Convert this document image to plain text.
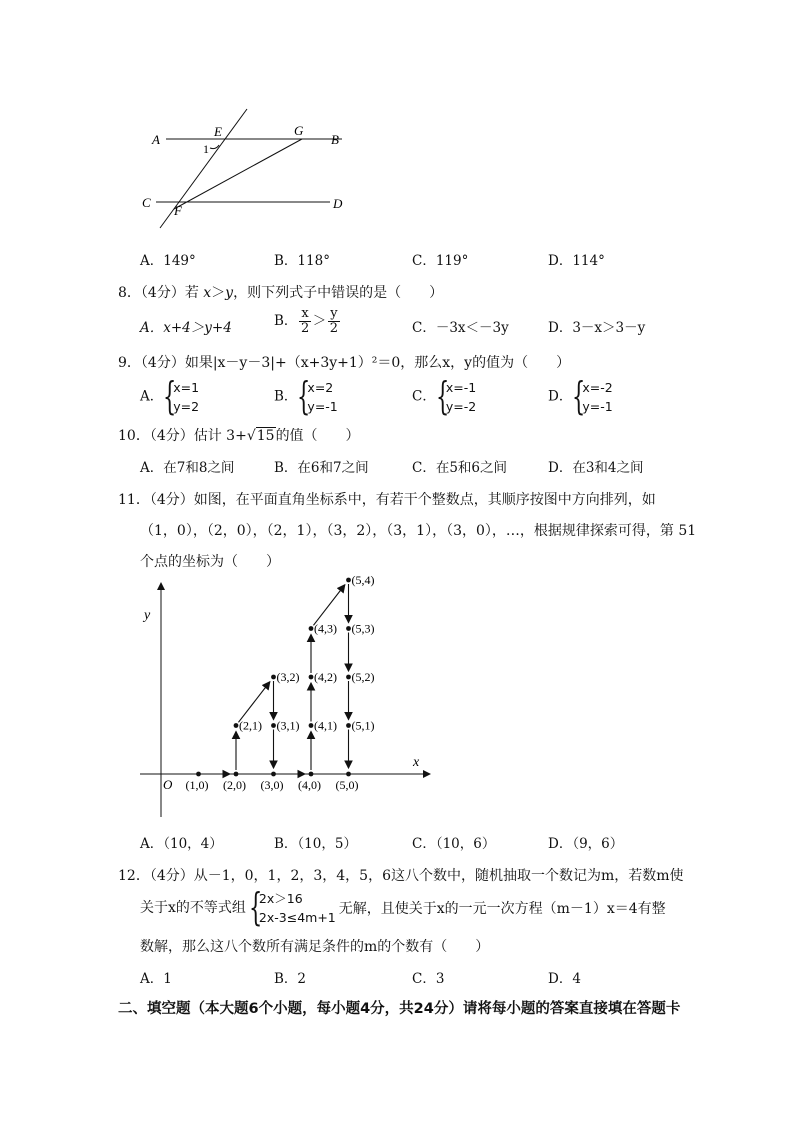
A
E
1
G
B
C
F	D
A．149°	B．118°	C．119°	D．114°
8．（4分）若 x＞y，则下列式子中错误的是（　　）
A．x+4＞y+4	B． $\frac{x}{2} > \frac{y}{2}$	C．－3x＜－3y	D．3－x＞3－y
9．（4分）如果|x－y－3|+（x+3y+1）²＝0，那么x，y的值为（　　）
A． {
x=1
y=2
B． {
x=2
y=-1
C． {
x=-1
y=-2
D． {
x=-2
y=-1
10．（4分）估计 3+√15的值（　　）
A．在7和8之间	B．在6和7之间	C．在5和6之间	D．在3和4之间
11．（4分）如图，在平面直角坐标系中，有若干个整数点，其顺序按图中方向排列，如
（1，0），（2，0），（2，1），（3，2），（3，1），（3，0），…，根据规律探索可得，第 51
个点的坐标为（　　）
y
x
O (1,0) (2,0)
(2,1)
(3,2)
(3,1)
(3,0) (4,0)
(4,1)
(4,2)
(4,3)
(5,4)
(5,3)
(5,2)
(5,1)
(5,0)
A．（10，4）	B．（10，5）	C．（10，6）	D．（9，6）
12．（4分）从－1，0，1，2，3，4，5，6这八个数中，随机抽取一个数记为m，若数m使
关于x的不等式组 {
2x＞16
2x-3≤4m+1
无解，且使关于x的一元一次方程（m－1）x＝4有整
数解，那么这八个数所有满足条件的m的个数有（　　）
A．1	B．2	C．3	D．4
二、填空题（本大题6个小题，每小题4分，共24分）请将每小题的答案直接填在答题卡
